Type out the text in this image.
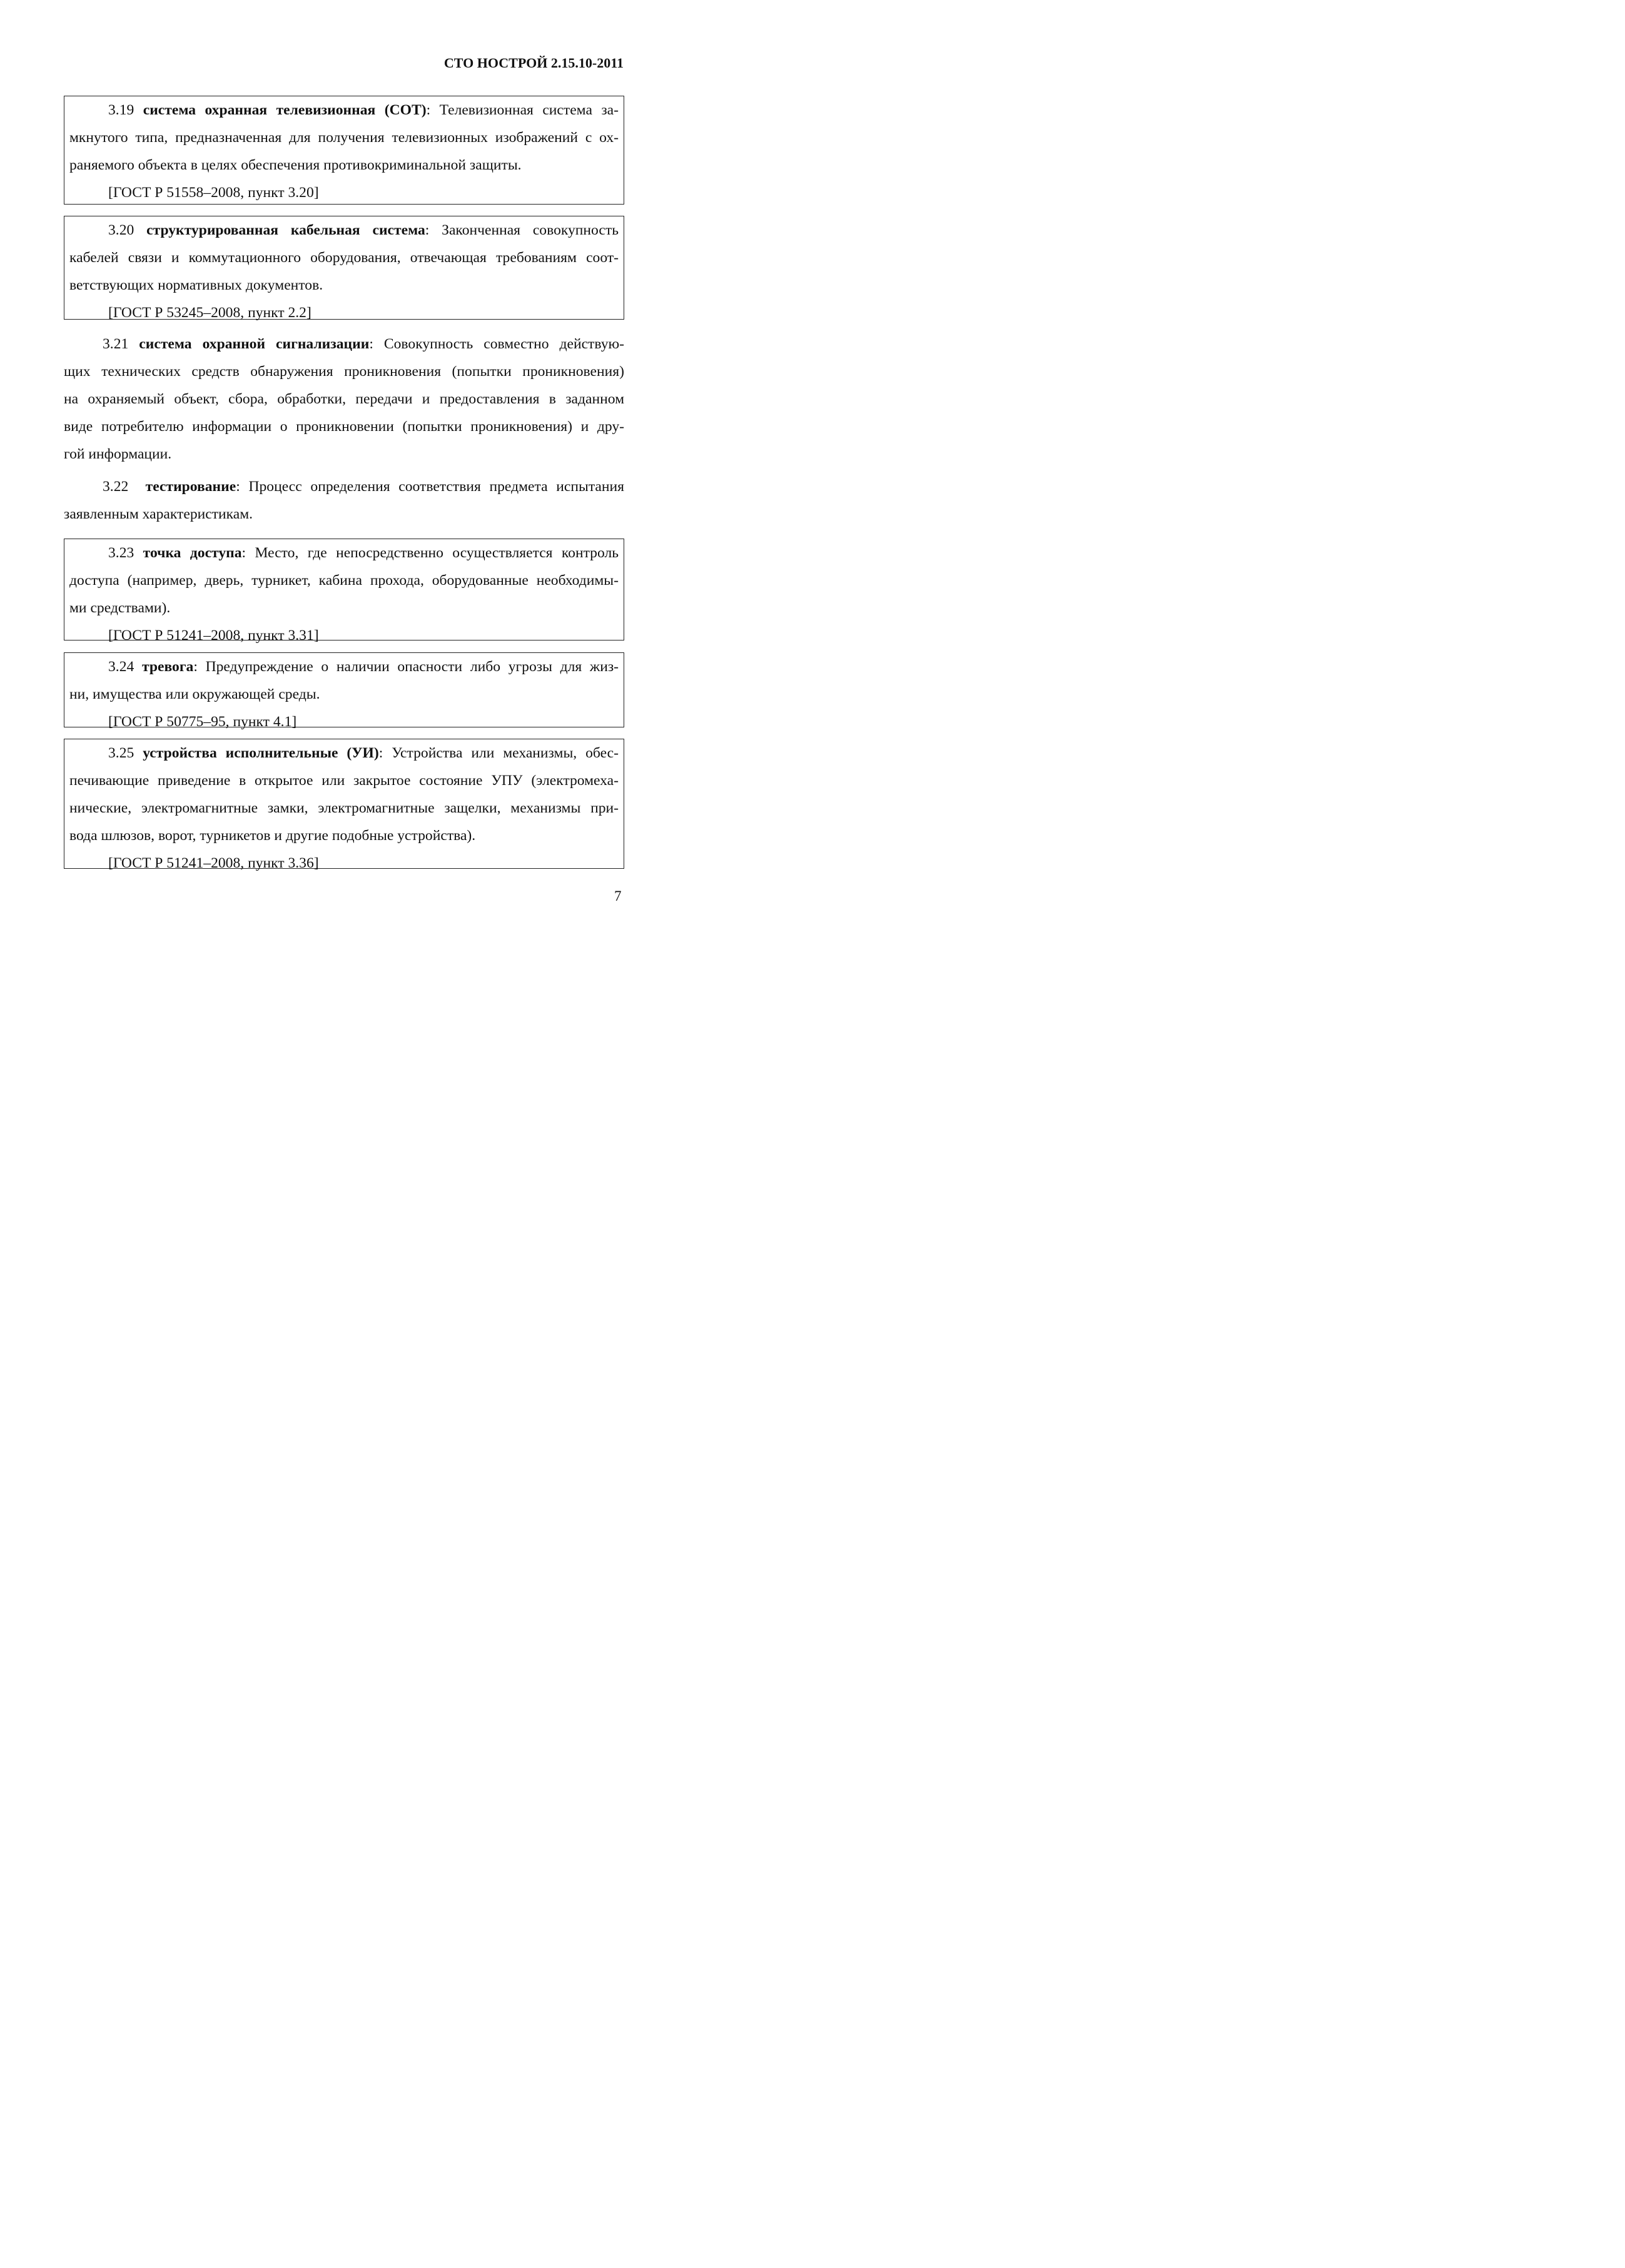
СТО НОСТРОЙ 2.15.10-2011
3.19 система охранная телевизионная (СОТ): Телевизионная система за-
мкнутого типа, предназначенная для получения телевизионных изображений с ох-
раняемого объекта в целях обеспечения противокриминальной защиты.
[ГОСТ Р 51558–2008, пункт 3.20]
3.20 структурированная кабельная система: Законченная совокупность
кабелей связи и коммутационного оборудования, отвечающая требованиям соот-
ветствующих нормативных документов.
[ГОСТ Р 53245–2008, пункт 2.2]
3.21 система охранной сигнализации: Совокупность совместно действую-
щих технических средств обнаружения проникновения (попытки проникновения)
на охраняемый объект, сбора, обработки, передачи и предоставления в заданном
виде потребителю информации о проникновении (попытки проникновения) и дру-
гой информации.
3.22 тестирование: Процесс определения соответствия предмета испытания
заявленным характеристикам.
3.23 точка доступа: Место, где непосредственно осуществляется контроль
доступа (например, дверь, турникет, кабина прохода, оборудованные необходимы-
ми средствами).
[ГОСТ Р 51241–2008, пункт 3.31]
3.24 тревога: Предупреждение о наличии опасности либо угрозы для жиз-
ни, имущества или окружающей среды.
[ГОСТ Р 50775–95, пункт 4.1]
3.25 устройства исполнительные (УИ): Устройства или механизмы, обес-
печивающие приведение в открытое или закрытое состояние УПУ (электромеха-
нические, электромагнитные замки, электромагнитные защелки, механизмы при-
вода шлюзов, ворот, турникетов и другие подобные устройства).
[ГОСТ Р 51241–2008, пункт 3.36]
7
